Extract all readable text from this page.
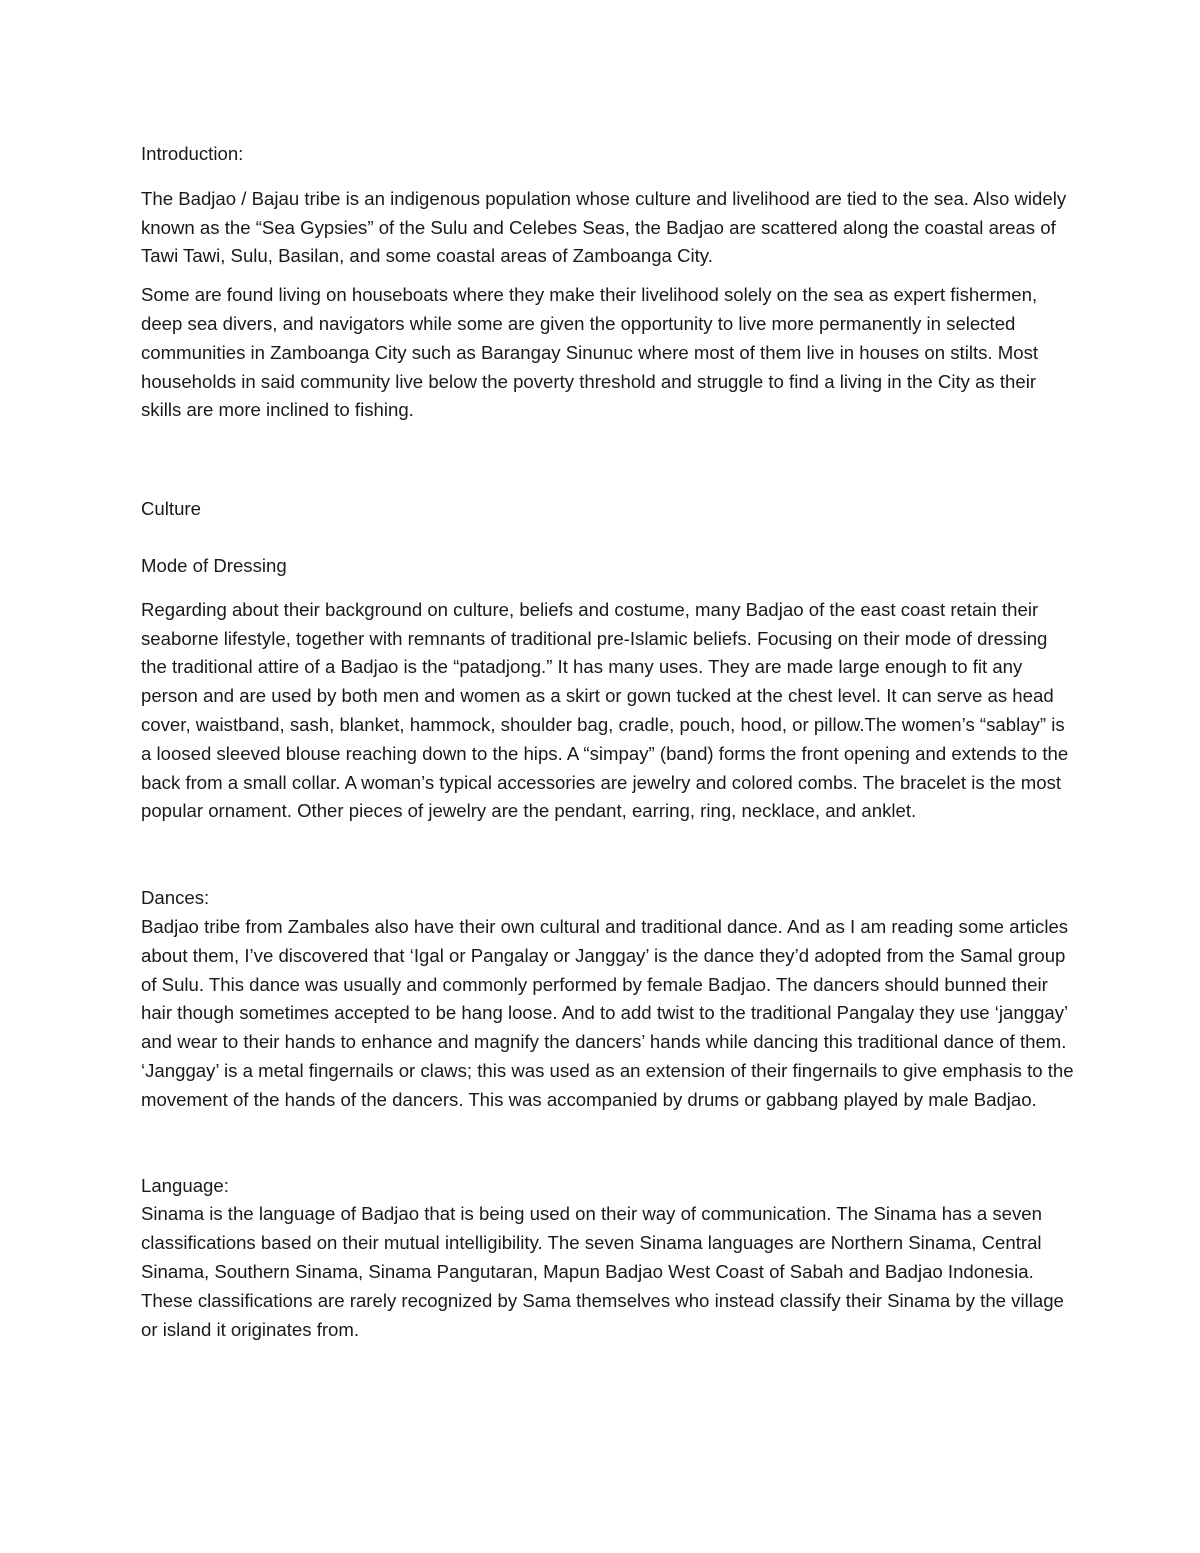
Introduction:

The Badjao / Bajau tribe is an indigenous population whose culture and livelihood are tied to the sea. Also widely known as the “Sea Gypsies” of the Sulu and Celebes Seas, the Badjao are scattered along the coastal areas of Tawi Tawi, Sulu, Basilan, and some coastal areas of Zamboanga City.

Some are found living on houseboats where they make their livelihood solely on the sea as expert fishermen, deep sea divers, and navigators while some are given the opportunity to live more permanently in selected communities in Zamboanga City such as Barangay Sinunuc where most of them live in houses on stilts. Most households in said community live below the poverty threshold and struggle to find a living in the City as their skills are more inclined to fishing.

Culture

Mode of Dressing

Regarding about their background on culture, beliefs and costume, many Badjao of the east coast retain their seaborne lifestyle, together with remnants of traditional pre-Islamic beliefs. Focusing on their mode of dressing the traditional attire of a Badjao is the “patadjong.” It has many uses. They are made large enough to fit any person and are used by both men and women as a skirt or gown tucked at the chest level. It can serve as head cover, waistband, sash, blanket, hammock, shoulder bag, cradle, pouch, hood, or pillow.The women’s “sablay” is a loosed sleeved blouse reaching down to the hips. A “simpay” (band) forms the front opening and extends to the back from a small collar. A woman’s typical accessories are jewelry and colored combs. The bracelet is the most popular ornament. Other pieces of jewelry are the pendant, earring, ring, necklace, and anklet.

Dances:

Badjao tribe from Zambales also have their own cultural and traditional dance. And as I am reading some articles about them, I’ve discovered that ‘Igal or Pangalay or Janggay’ is the dance they’d adopted from the Samal group of Sulu. This dance was usually and commonly performed by female Badjao. The dancers should bunned their hair though sometimes accepted to be hang loose. And to add twist to the traditional Pangalay they use ‘janggay’ and wear to their hands to enhance and magnify the dancers’ hands while dancing this traditional dance of them. ‘Janggay’ is a metal fingernails or claws; this was used as an extension of their fingernails to give emphasis to the movement of the hands of the dancers. This was accompanied by drums or gabbang played by male Badjao.

Language:

Sinama is the language of Badjao that is being used on their way of communication. The Sinama has a seven classifications based on their mutual intelligibility. The seven Sinama languages are Northern Sinama, Central Sinama, Southern Sinama, Sinama Pangutaran, Mapun Badjao West Coast of Sabah and Badjao Indonesia. These classifications are rarely recognized by Sama themselves who instead classify their Sinama by the village or island it originates from.
